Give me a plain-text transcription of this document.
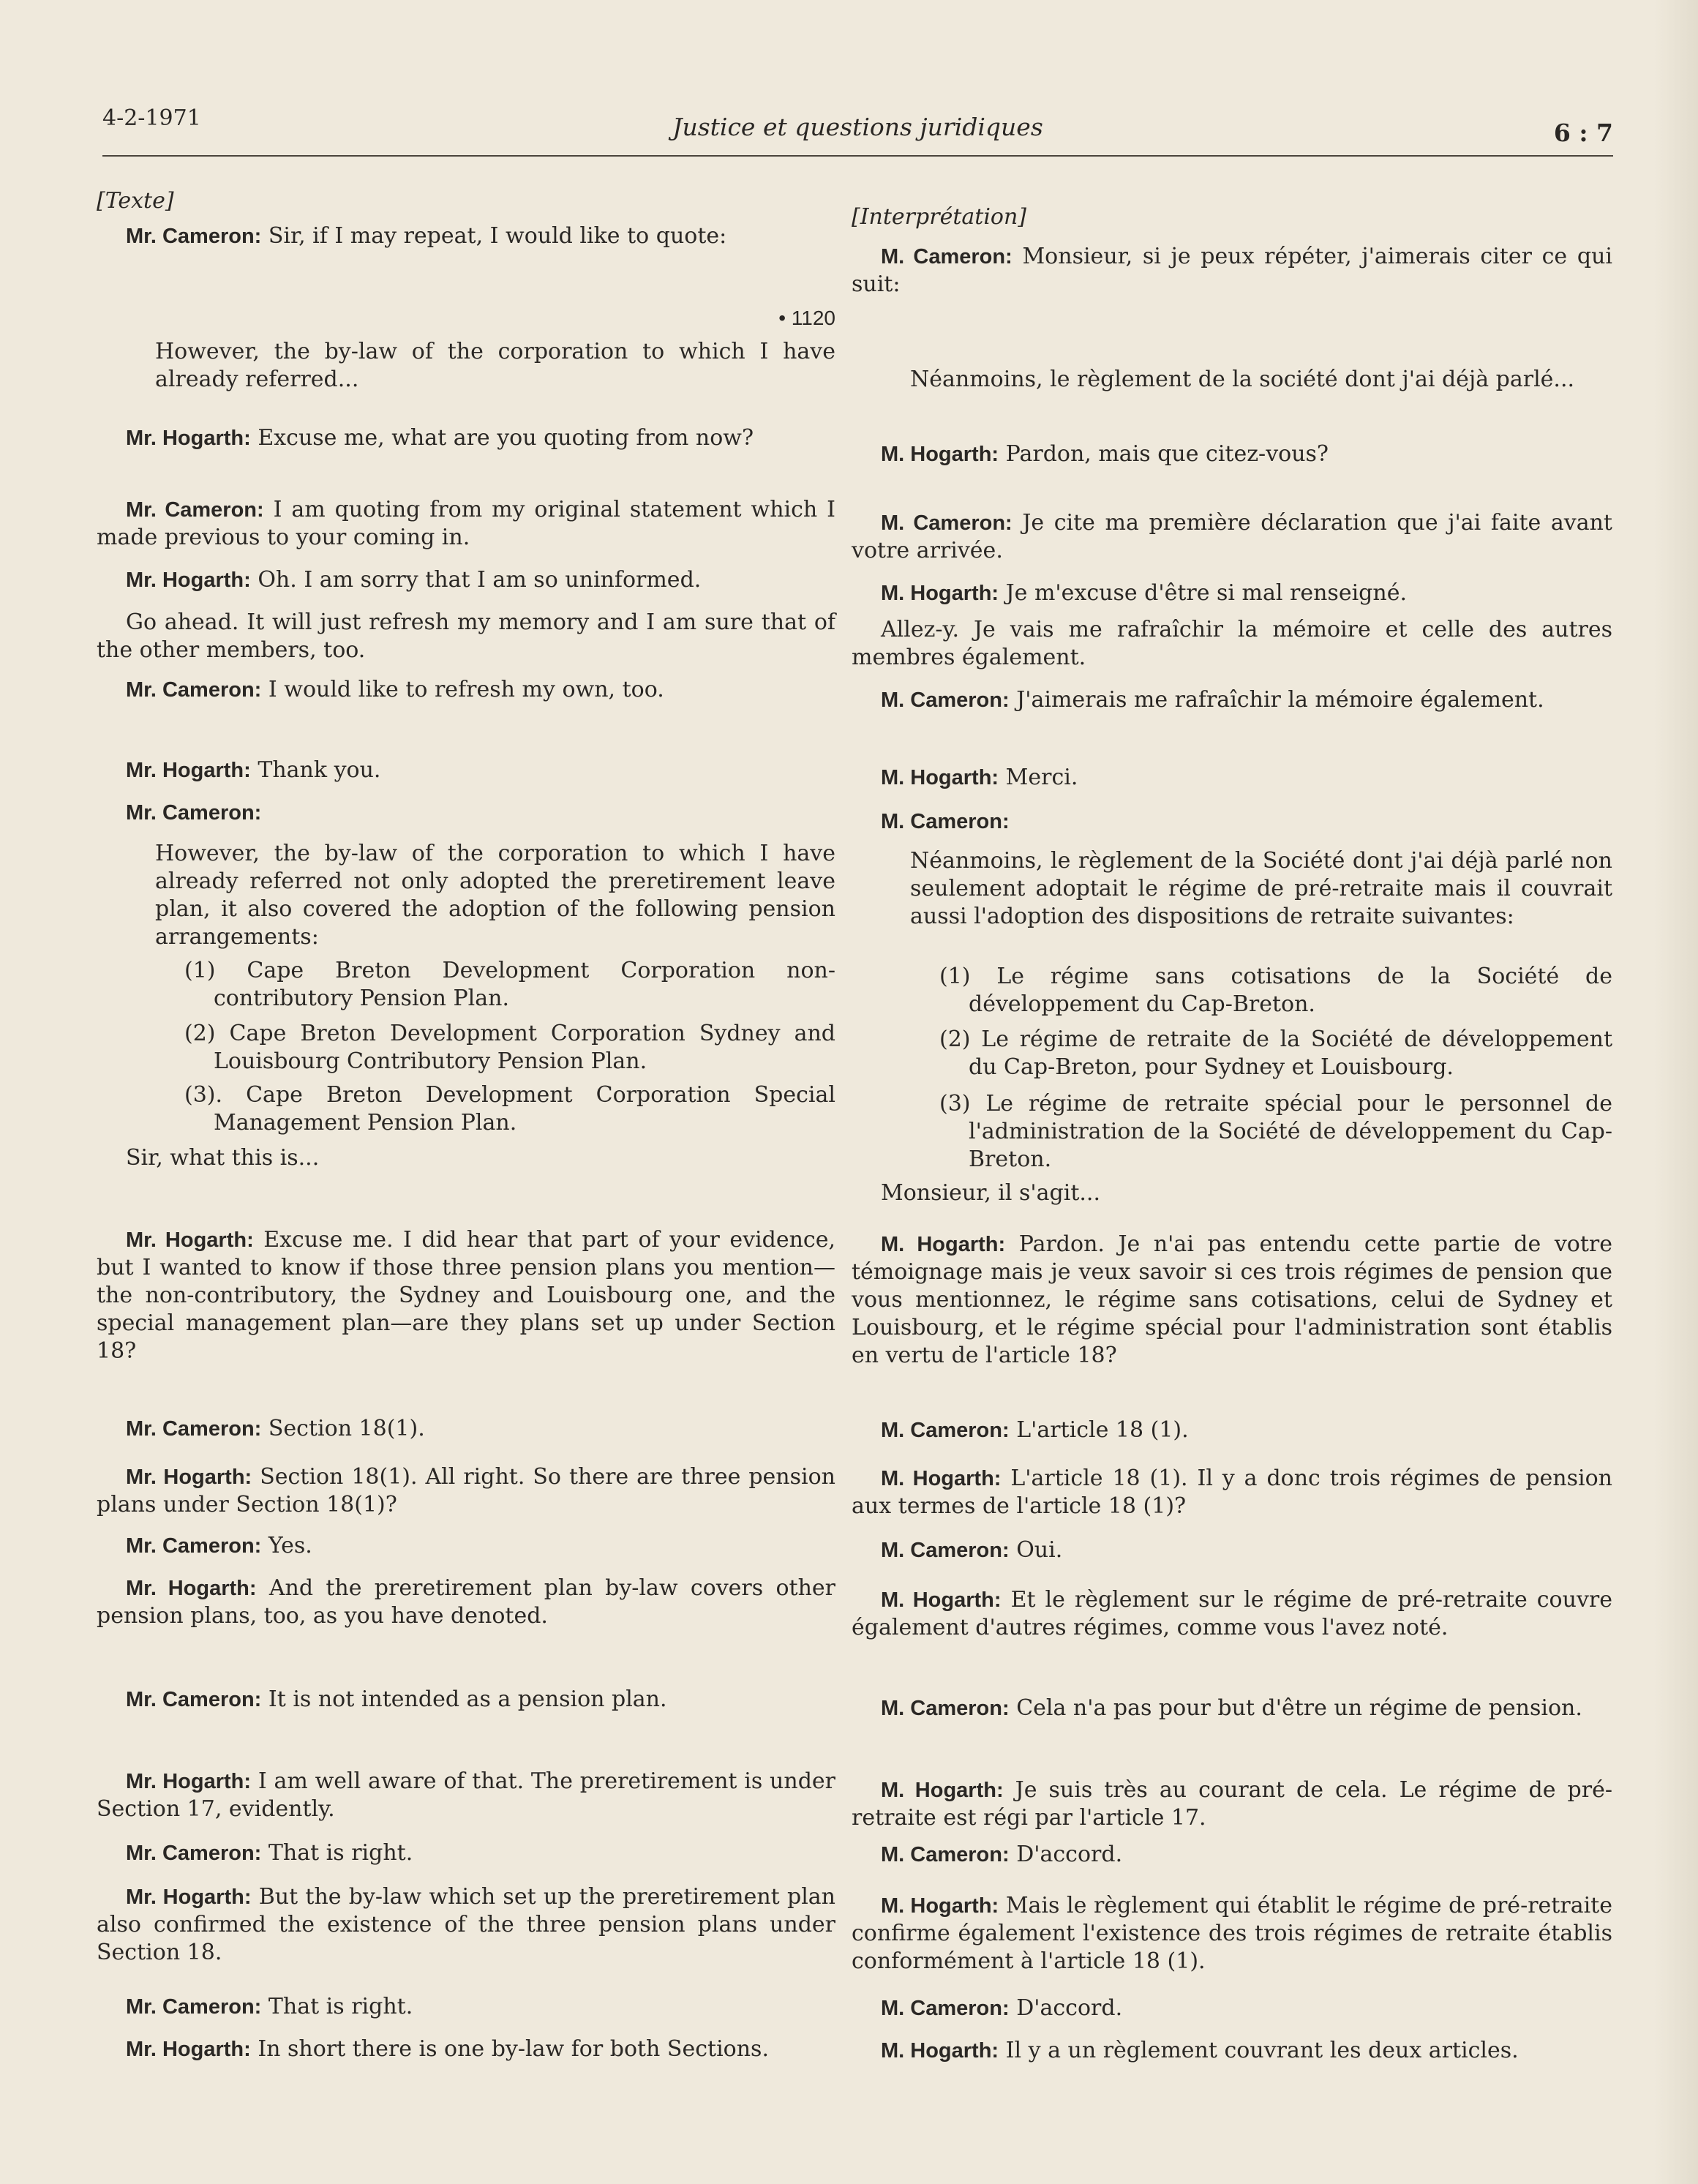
4-2-1971	Justice et questions juridiques	6 : 7
[Texte]
Mr. Cameron: Sir, if I may repeat, I would like to quote:
• 1120
However, the by-law of the corporation to which I have already referred...
Mr. Hogarth: Excuse me, what are you quoting from now?
Mr. Cameron: I am quoting from my original statement which I made previous to your coming in.
Mr. Hogarth: Oh. I am sorry that I am so uninformed.
Go ahead. It will just refresh my memory and I am sure that of the other members, too.
Mr. Cameron: I would like to refresh my own, too.
Mr. Hogarth: Thank you.
Mr. Cameron:
However, the by-law of the corporation to which I have already referred not only adopted the preretirement leave plan, it also covered the adoption of the following pension arrangements:
(1) Cape Breton Development Corporation non-contributory Pension Plan.
(2) Cape Breton Development Corporation Sydney and Louisbourg Contributory Pension Plan.
(3). Cape Breton Development Corporation Special Management Pension Plan.
Sir, what this is...
Mr. Hogarth: Excuse me. I did hear that part of your evidence, but I wanted to know if those three pension plans you mention—the non-contributory, the Sydney and Louisbourg one, and the special management plan—are they plans set up under Section 18?
Mr. Cameron: Section 18(1).
Mr. Hogarth: Section 18(1). All right. So there are three pension plans under Section 18(1)?
Mr. Cameron: Yes.
Mr. Hogarth: And the preretirement plan by-law covers other pension plans, too, as you have denoted.
Mr. Cameron: It is not intended as a pension plan.
Mr. Hogarth: I am well aware of that. The preretirement is under Section 17, evidently.
Mr. Cameron: That is right.
Mr. Hogarth: But the by-law which set up the preretirement plan also confirmed the existence of the three pension plans under Section 18.
Mr. Cameron: That is right.
Mr. Hogarth: In short there is one by-law for both Sections.
[Interprétation]
M. Cameron: Monsieur, si je peux répéter, j'aimerais citer ce qui suit:
Néanmoins, le règlement de la société dont j'ai déjà parlé...
M. Hogarth: Pardon, mais que citez-vous?
M. Cameron: Je cite ma première déclaration que j'ai faite avant votre arrivée.
M. Hogarth: Je m'excuse d'être si mal renseigné.
Allez-y. Je vais me rafraîchir la mémoire et celle des autres membres également.
M. Cameron: J'aimerais me rafraîchir la mémoire également.
M. Hogarth: Merci.
M. Cameron:
Néanmoins, le règlement de la Société dont j'ai déjà parlé non seulement adoptait le régime de pré-retraite mais il couvrait aussi l'adoption des dispositions de retraite suivantes:
(1) Le régime sans cotisations de la Société de développement du Cap-Breton.
(2) Le régime de retraite de la Société de développement du Cap-Breton, pour Sydney et Louisbourg.
(3) Le régime de retraite spécial pour le personnel de l'administration de la Société de développement du Cap-Breton.
Monsieur, il s'agit...
M. Hogarth: Pardon. Je n'ai pas entendu cette partie de votre témoignage mais je veux savoir si ces trois régimes de pension que vous mentionnez, le régime sans cotisations, celui de Sydney et Louisbourg, et le régime spécial pour l'administration sont établis en vertu de l'article 18?
M. Cameron: L'article 18 (1).
M. Hogarth: L'article 18 (1). Il y a donc trois régimes de pension aux termes de l'article 18 (1)?
M. Cameron: Oui.
M. Hogarth: Et le règlement sur le régime de pré-retraite couvre également d'autres régimes, comme vous l'avez noté.
M. Cameron: Cela n'a pas pour but d'être un régime de pension.
M. Hogarth: Je suis très au courant de cela. Le régime de pré-retraite est régi par l'article 17.
M. Cameron: D'accord.
M. Hogarth: Mais le règlement qui établit le régime de pré-retraite confirme également l'existence des trois régimes de retraite établis conformément à l'article 18 (1).
M. Cameron: D'accord.
M. Hogarth: Il y a un règlement couvrant les deux articles.
